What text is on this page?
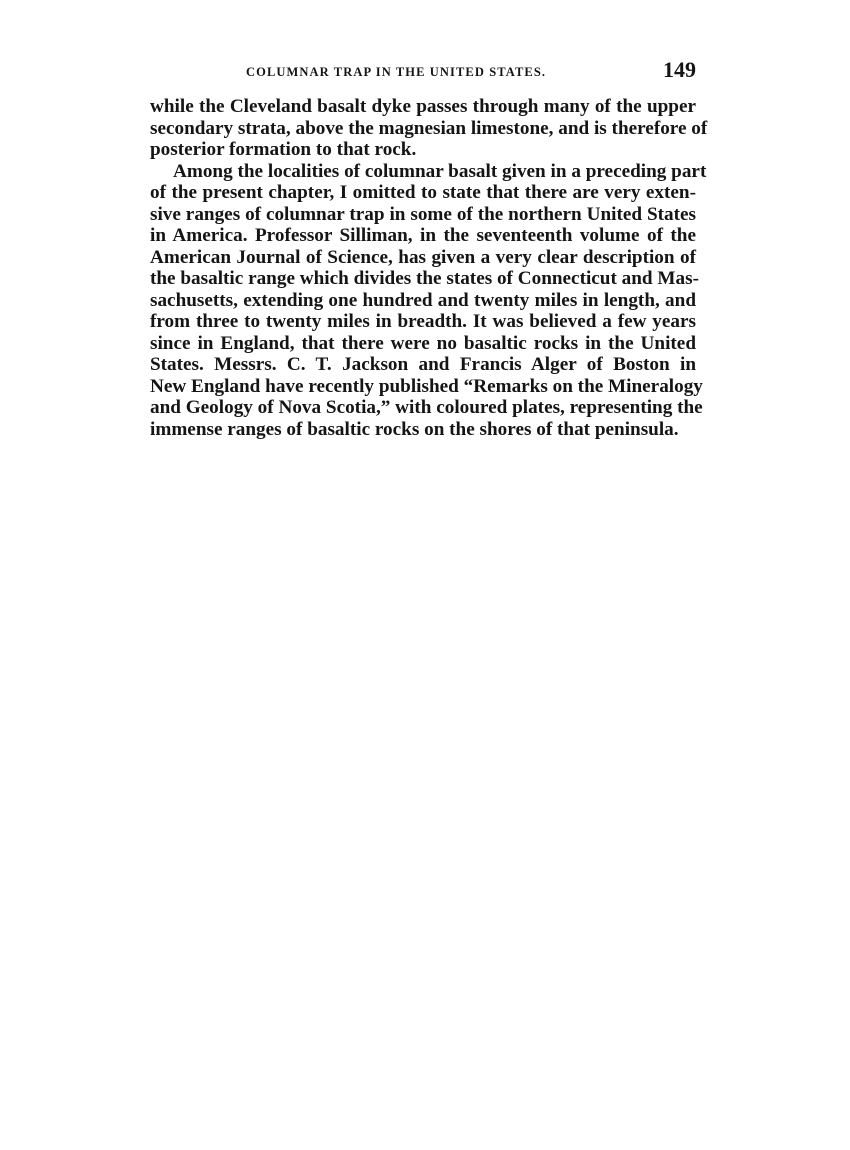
COLUMNAR TRAP IN THE UNITED STATES.	149
while the Cleveland basalt dyke passes through many of the upper
secondary strata, above the magnesian limestone, and is therefore of
posterior formation to that rock.
Among the localities of columnar basalt given in a preceding part
of the present chapter, I omitted to state that there are very exten-
sive ranges of columnar trap in some of the northern United States
in America. Professor Silliman, in the seventeenth volume of the
American Journal of Science, has given a very clear description of
the basaltic range which divides the states of Connecticut and Mas-
sachusetts, extending one hundred and twenty miles in length, and
from three to twenty miles in breadth. It was believed a few years
since in England, that there were no basaltic rocks in the United
States. Messrs. C. T. Jackson and Francis Alger of Boston in
New England have recently published “Remarks on the Mineralogy
and Geology of Nova Scotia,” with coloured plates, representing the
immense ranges of basaltic rocks on the shores of that peninsula.
